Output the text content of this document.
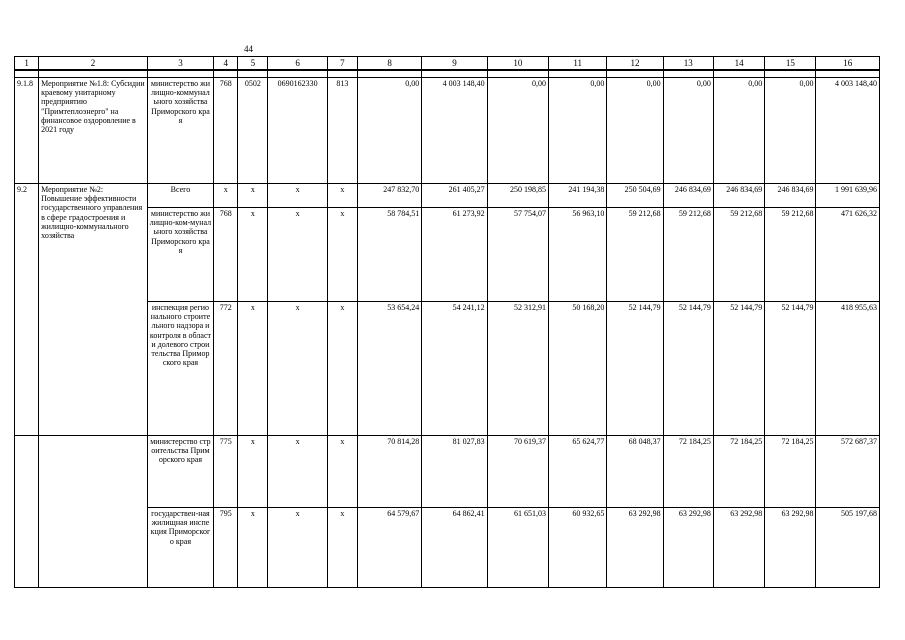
44
1	2	3	4	5	6	7	8	9	10	11	12	13	14	15	16

9.1.8	Мероприятие №1.8: Субсидии краевому унитарному предприятию "Примтеплоэнерго" на финансовое оздоровление в 2021 году	министерство жилищно-коммунального хозяйства Приморского края	768	0502	0690162330	813	0,00	4 003 148,40	0,00	0,00	0,00	0,00	0,00	0,00	4 003 148,40
9.2	Мероприятие №2: Повышение эффективности государственного управления в сфере градостроения и жилищно-коммунального хозяйства	Всего	x	x	x	x	247 832,70	261 405,27	250 198,85	241 194,38	250 504,69	246 834,69	246 834,69	246 834,69	1 991 639,96
		министерство жилищно-ком-мунального хозяйства Приморского края	768	x	x	x	58 784,51	61 273,92	57 754,07	56 963,10	59 212,68	59 212,68	59 212,68	59 212,68	471 626,32
		инспекция регионального строительного надзора и контроля в области долевого строительства Приморского края	772	x	x	x	53 654,24	54 241,12	52 312,91	50 168,20	52 144,79	52 144,79	52 144,79	52 144,79	418 955,63
		министерство строительства Приморского края	775	x	x	x	70 814,28	81 027,83	70 619,37	65 624,77	68 048,37	72 184,25	72 184,25	72 184,25	572 687,37
		государствен-ная жилищная инспекция Приморского края	795	x	x	x	64 579,67	64 862,41	61 651,03	60 932,65	63 292,98	63 292,98	63 292,98	63 292,98	505 197,68
